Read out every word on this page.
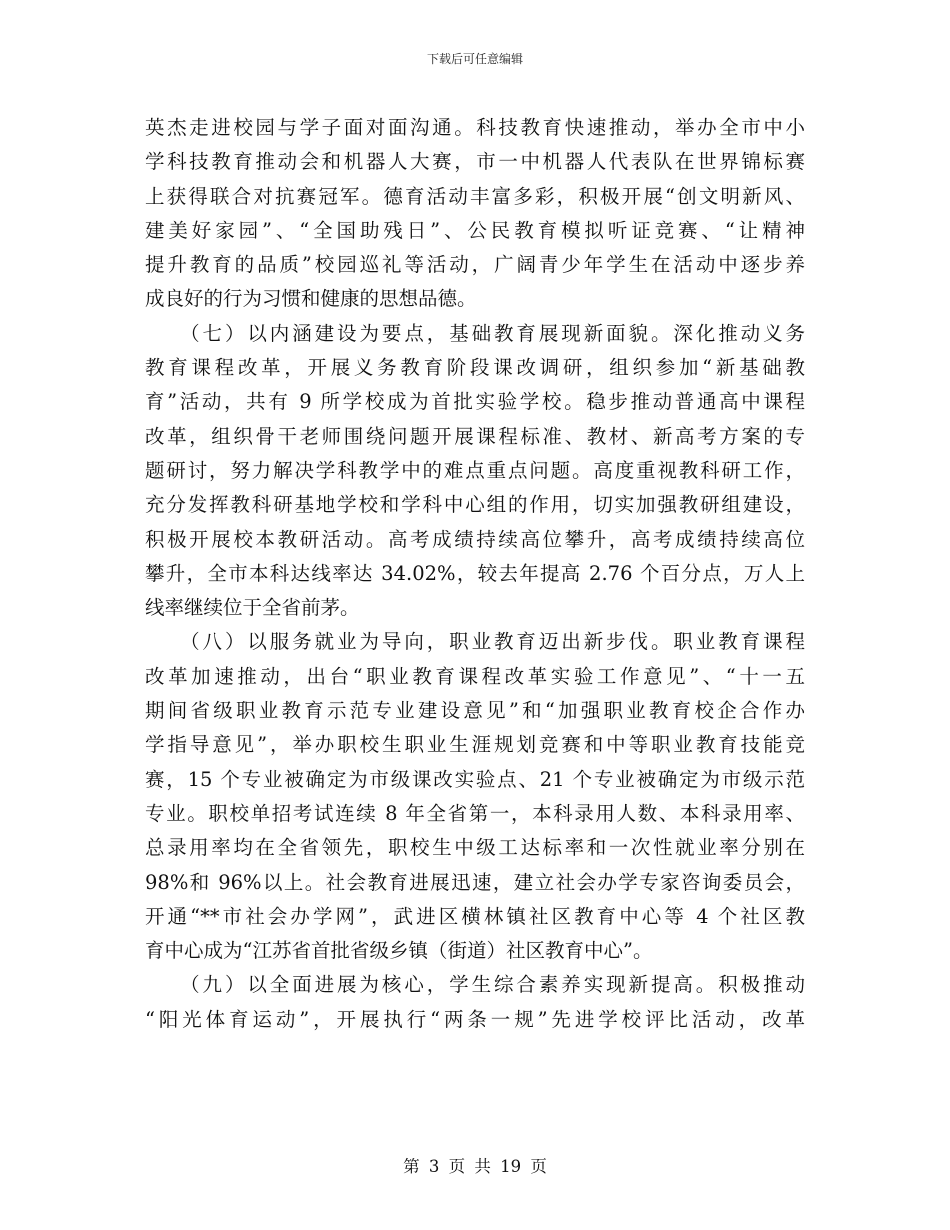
下载后可任意编辑
英杰走进校园与学子面对面沟通。科技教育快速推动，举办全市中小
学科技教育推动会和机器人大赛，市一中机器人代表队在世界锦标赛
上获得联合对抗赛冠军。德育活动丰富多彩，积极开展“创文明新风、
建美好家园”、“全国助残日”、公民教育模拟听证竞赛、“让精神
提升教育的品质”校园巡礼等活动，广阔青少年学生在活动中逐步养
成良好的行为习惯和健康的思想品德。
　　（七）以内涵建设为要点，基础教育展现新面貌。深化推动义务
教育课程改革，开展义务教育阶段课改调研，组织参加“新基础教
育”活动，共有 9 所学校成为首批实验学校。稳步推动普通高中课程
改革，组织骨干老师围绕问题开展课程标准、教材、新高考方案的专
题研讨，努力解决学科教学中的难点重点问题。高度重视教科研工作，
充分发挥教科研基地学校和学科中心组的作用，切实加强教研组建设，
积极开展校本教研活动。高考成绩持续高位攀升，高考成绩持续高位
攀升，全市本科达线率达 34.02%，较去年提高 2.76 个百分点，万人上
线率继续位于全省前茅。
　　（八）以服务就业为导向，职业教育迈出新步伐。职业教育课程
改革加速推动，出台“职业教育课程改革实验工作意见”、“十一五
期间省级职业教育示范专业建设意见”和“加强职业教育校企合作办
学指导意见”，举办职校生职业生涯规划竞赛和中等职业教育技能竞
赛，15 个专业被确定为市级课改实验点、21 个专业被确定为市级示范
专业。职校单招考试连续 8 年全省第一，本科录用人数、本科录用率、
总录用率均在全省领先，职校生中级工达标率和一次性就业率分别在
98%和 96%以上。社会教育进展迅速，建立社会办学专家咨询委员会，
开通“**市社会办学网”，武进区横林镇社区教育中心等 4 个社区教
育中心成为“江苏省首批省级乡镇（街道）社区教育中心”。
　　（九）以全面进展为核心，学生综合素养实现新提高。积极推动
“阳光体育运动”，开展执行“两条一规”先进学校评比活动，改革
第 3 页 共 19 页
